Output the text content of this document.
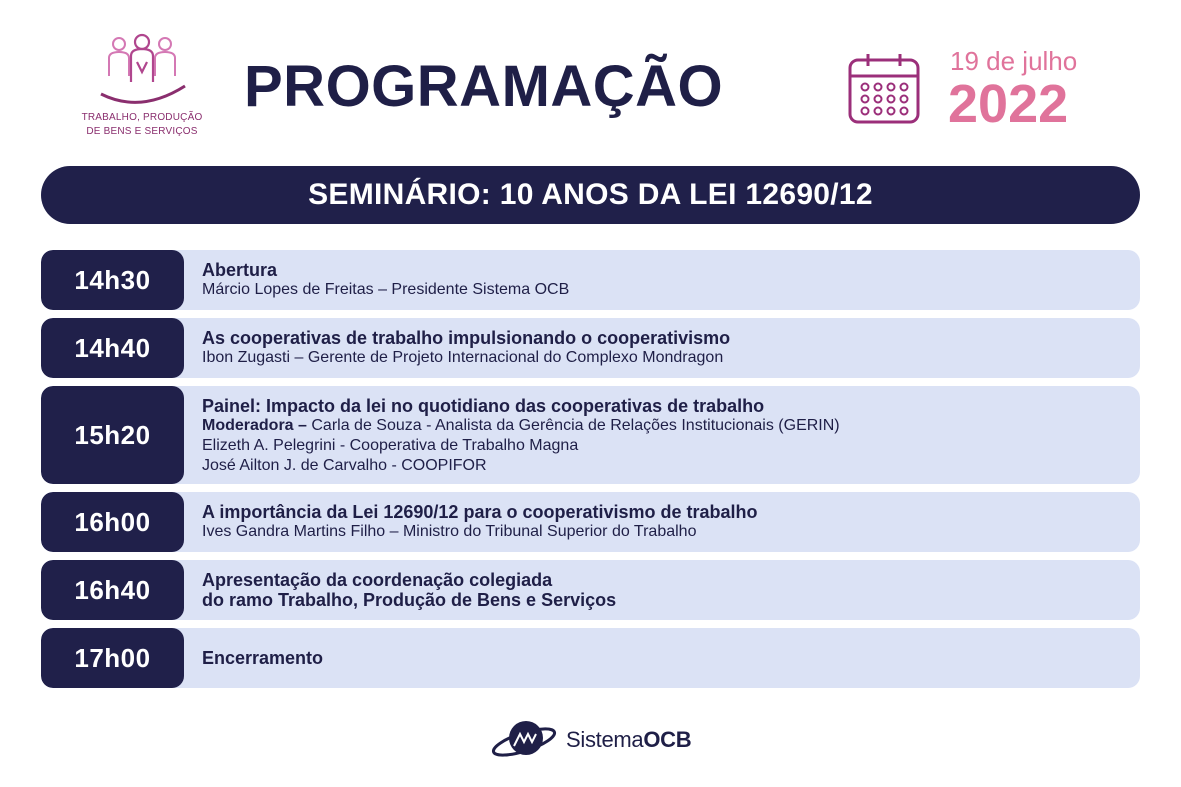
TRABALHO, PRODUÇÃO
DE BENS E SERVIÇOS
PROGRAMAÇÃO	19 de julho
2022
SEMINÁRIO: 10 ANOS DA LEI 12690/12
14h30	Abertura
Márcio Lopes de Freitas – Presidente Sistema OCB
14h40	As cooperativas de trabalho impulsionando o cooperativismo
Ibon Zugasti – Gerente de Projeto Internacional do Complexo Mondragon
15h20
Painel: Impacto da lei no quotidiano das cooperativas de trabalho
Moderadora – Carla de Souza - Analista da Gerência de Relações Institucionais (GERIN)
Elizeth A. Pelegrini - Cooperativa de Trabalho Magna
José Ailton J. de Carvalho - COOPIFOR
16h00	A importância da Lei 12690/12 para o cooperativismo de trabalho
Ives Gandra Martins Filho – Ministro do Tribunal Superior do Trabalho
16h40	Apresentação da coordenação colegiada
do ramo Trabalho, Produção de Bens e Serviços
17h00	Encerramento
SistemaOCB
